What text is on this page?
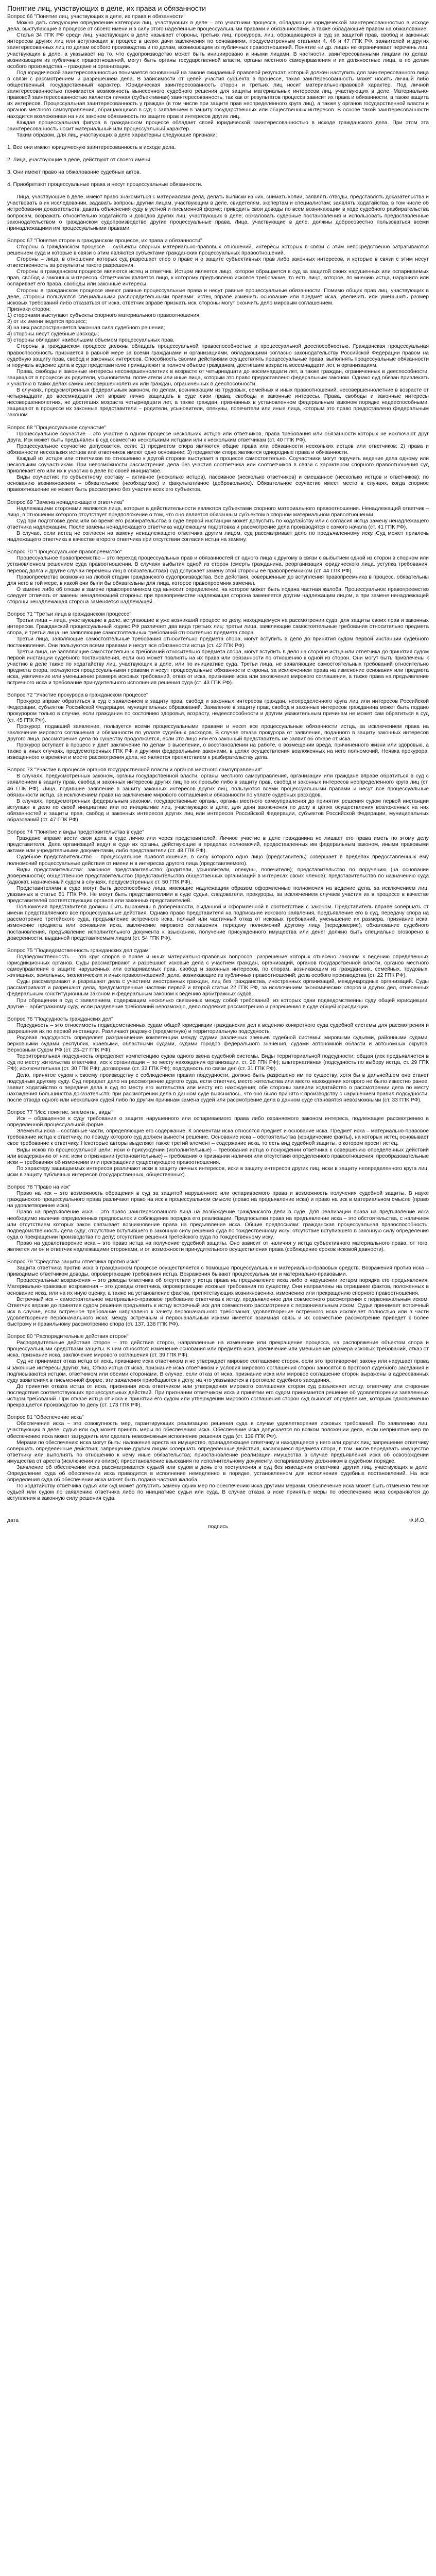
Понятие лиц, участвующих в деле, их права и обязанности
Вопрос 66 "Понятие лиц, участвующих в деле, их права и обязанности"

Можно дать следующее определение категории лиц, участвующих в деле – это участники процесса, обладающие юридической заинтересованностью в исходе дела, выступающие в процессе от своего имени и в силу этого наделенные процессуальными правами и обязанностями, а также обладающие правом на обжалование.

Статья 34 ГПК РФ среди лиц, участвующих в деле называет стороны, третьих лиц, прокурора, лиц, обращающихся в суд за защитой прав, свобод и законных интересов других лиц или вступающих в процесс в целях дачи заключения по основаниям, предусмотренным статьями 4, 46 и 47 ГПК РФ, заявителей и других заинтересованных лиц по делам особого производства и по делам, возникающим из публичных правоотношений. Понятие «и др. лица» не ограничивает перечень лиц, участвующих в деле, а указывает на то, что судопроизводство может быть инициировано и иными лицами. В частности, заинтересованными лицами по делам, возникающим из публичных правоотношений, могут быть органы государственной власти, органы местного самоуправления и их должностные лица, а по делам особого производства – граждане и организации.

Под юридической заинтересованностью понимается основанный на законе ожидаемый правовой результат, который должен наступить для заинтересованного лица в связи с рассмотрением и разрешением дела. В зависимости от целей участия субъекта в процессе, такая заинтересованность может носить личный либо общественный, государственный характер. Юридическая заинтересованность сторон и третьих лиц носит материально-правовой характер. Под личной заинтересованностью понимается возможность вынесенного судебного решения для защиты материальных интересов лиц, участвующих в деле. Материально-правовой заинтересованностью является личная (субъективная) заинтересованность, так как от результатов процесса зависит их права и обязанности, а также защита их интересов. Процессуальная заинтересованность у граждан (в том числе при защите прав неопределенного круга лиц), а также у органов государственной власти и органов местного самоуправления, обращающихся в суд с заявлением в защиту государственных или общественных интересов. В основе такой заинтересованности находится возложенная на них законом обязанность по защите прав и интересов других лиц.

Каждая процессуальная фигура в гражданском процессе обладает своей юридической заинтересованностью в исходе гражданского дела. При этом эта заинтересованность носит материальный или процессуальный характер.

Таким образом, для лиц, участвующих в деле характерны следующие признаки:

1. Все они имеют юридическую заинтересованность в исходе дела.

2. Лица, участвующие в деле, действуют от своего имени.

3. Они имеют право на обжалование судебных актов.

4. Приобретают процессуальные права и несут процессуальные обязанности.

Лица, участвующие в деле, имеют право знакомиться с материалами дела, делать выписки из них, снимать копии, заявлять отводы, представлять доказательства и участвовать в их исследовании, задавать вопросы другим лицам, участвующим в деле, свидетелям, экспертам и специалистам; заявлять ходатайства, в том числе об истребовании доказательств; давать объяснения суду в устной и письменной форме; приводить свои доводы по всем возникающим в ходе судебного разбирательства вопросам, возражать относительно ходатайств и доводов других лиц, участвующих в деле; обжаловать судебные постановления и использовать предоставленные законодательством о гражданском судопроизводстве другие процессуальные права. Лица, участвующие в деле, должны добросовестно пользоваться всеми принадлежащими им процессуальными правами.

Вопрос 67 "Понятие сторон в гражданском процессе, их права и обязанности"

Стороны в гражданском процессе – субъекты спорных материально-правовых отношений, интересы которых в связи с этим непосредственно затрагиваются решением суда и которые в связи с этим являются субъектами гражданских процессуальных правоотношений.

Стороны – лица, в отношении которых суд разрешает спор о праве и о защите субъективных прав либо законных интересов, и которые в связи с этим несут ответственность за результаты такого разрешения.

Стороны в гражданском процессе являются истец и ответчик. Истцом является лицо, которое обращается в суд за защитой своих нарушенных или оспариваемых прав, свобод и законных интересов. Ответчиком является лицо, к которому предъявлено исковое требование, то есть лицо, которое, по мнению истца, нарушило или оспаривает его права, свободы или законные интересы.

Стороны в гражданском процессе имеют равные процессуальные права и несут равные процессуальные обязанности. Помимо общих прав лиц, участвующих в деле, стороны пользуются специальными распорядительными правами: истец вправе изменить основание или предмет иска, увеличить или уменьшить размер исковых требований либо отказаться от иска, ответчик вправе признать иск, стороны могут окончить дело мировым соглашением.

Признаки сторон:

1) сторонами выступают субъекты спорного материального правоотношения;

2) от их имени ведется процесс;

3) на них распространяется законная сила судебного решения;

4) стороны несут судебные расходы;

5) стороны обладают наибольшим объемом процессуальных прав.

Стороны в гражданском процессе должны обладать процессуальной правоспособностью и процессуальной дееспособностью. Гражданская процессуальная правоспособность признается в равной мере за всеми гражданами и организациями, обладающими согласно законодательству Российской Федерации правом на судебную защиту прав, свобод и законных интересов. Способность своими действиями осуществлять процессуальные права, выполнять процессуальные обязанности и поручать ведение дела в суде представителю принадлежит в полном объеме гражданам, достигшим возраста восемнадцати лет, и организациям.

Права, свободы и законные интересы несовершеннолетних в возрасте от четырнадцати до восемнадцати лет, а также граждан, ограниченных в дееспособности, защищают в процессе их родители, усыновители, попечители или иные лица, которым это право предоставлено федеральным законом. Однако суд обязан привлекать к участию в таких делах самих несовершеннолетних или граждан, ограниченных в дееспособности.

В случаях, предусмотренных федеральным законом, по делам, возникающим из трудовых, семейных и иных правоотношений, несовершеннолетние в возрасте от четырнадцати до восемнадцати лет вправе лично защищать в суде свои права, свободы и законные интересы. Права, свободы и законные интересы несовершеннолетних, не достигших возраста четырнадцати лет, а также граждан, признанных в установленном федеральным законом порядке недееспособными, защищают в процессе их законные представители – родители, усыновители, опекуны, попечители или иные лица, которым это право предоставлено федеральным законом.

Вопрос 68 "Процессуальное соучастие"

Процессуальное соучастие – это участие в одном процессе нескольких истцов или ответчиков, права требования или обязанности которых не исключают друг друга. Иск может быть предъявлен в суд совместно несколькими истцами или к нескольким ответчикам (ст. 40 ГПК РФ).

Процессуальное соучастие допускается, если: 1) предметом спора являются общие права или обязанности нескольких истцов или ответчиков; 2) права и обязанности нескольких истцов или ответчиков имеют одно основание; 3) предметом спора являются однородные права и обязанности.

Каждый из истцов или ответчиков по отношению к другой стороне выступает в процессе самостоятельно. Соучастники могут поручить ведение дела одному или нескольким соучастникам. При невозможности рассмотрения дела без участия соответчика или соответчиков в связи с характером спорного правоотношения суд привлекает его или их к участию в деле по своей инициативе.

Виды соучастия: по субъектному составу – активное (несколько истцов), пассивное (несколько ответчиков) и смешанное (несколько истцов и ответчиков); по основанию возникновения – обязательное (необходимое) и факультативное (добровольное). Обязательное соучастие имеет место в случаях, когда спорное правоотношение не может быть рассмотрено без участия всех его субъектов.

Вопрос 69 "Замена ненадлежащего ответчика"

Надлежащими сторонами являются лица, которые в действительности являются субъектами спорного материального правоотношения. Ненадлежащий ответчик – лицо, в отношении которого отсутствует предположение о том, что оно является обязанным субъектом в спорном материальном правоотношении.

Суд при подготовке дела или во время его разбирательства в суде первой инстанции может допустить по ходатайству или с согласия истца замену ненадлежащего ответчика надлежащим. После замены ненадлежащего ответчика надлежащим подготовка и рассмотрение дела производятся с самого начала (ст. 41 ГПК РФ).

В случае, если истец не согласен на замену ненадлежащего ответчика другим лицом, суд рассматривает дело по предъявленному иску. Суд может привлечь надлежащего ответчика в качестве второго ответчика при отсутствии согласия истца на замену.

Вопрос 70 "Процессуальное правопреемство"

Процессуальное правопреемство – это переход процессуальных прав и обязанностей от одного лица к другому в связи с выбытием одной из сторон в спорном или установленном решением суда правоотношении. В случаях выбытия одной из сторон (смерть гражданина, реорганизация юридического лица, уступка требования, перевод долга и другие случаи перемены лиц в обязательствах) суд допускает замену этой стороны ее правопреемником (ст. 44 ГПК РФ).

Правопреемство возможно на любой стадии гражданского судопроизводства. Все действия, совершенные до вступления правопреемника в процесс, обязательны для него в той мере, в какой они были бы обязательны для лица, которое правопреемник заменил.

О замене либо об отказе в замене правопреемником суд выносит определение, на которое может быть подана частная жалоба. Процессуальное правопреемство следует отличать от замены ненадлежащей стороны: при правопреемстве надлежащая сторона заменяется другим надлежащим лицом, а при замене ненадлежащей стороны ненадлежащая сторона заменяется надлежащей.

Вопрос 71 "Третьи лица в гражданском процессе"

Третьи лица – лица, участвующие в деле, вступающие в уже возникший процесс по делу, находящемуся на рассмотрении суда, для защиты своих прав и законных интересов. Гражданский процессуальный кодекс РФ различает два вида третьих лиц: третьи лица, заявляющие самостоятельные требования относительно предмета спора, и третьи лица, не заявляющие самостоятельных требований относительно предмета спора.

Третьи лица, заявляющие самостоятельные требования относительно предмета спора, могут вступить в дело до принятия судом первой инстанции судебного постановления. Они пользуются всеми правами и несут все обязанности истца (ст. 42 ГПК РФ).

Третьи лица, не заявляющие самостоятельных требований относительно предмета спора, могут вступить в дело на стороне истца или ответчика до принятия судом первой инстанции судебного постановления, если оно может повлиять на их права или обязанности по отношению к одной из сторон. Они могут быть привлечены к участию в деле также по ходатайству лиц, участвующих в деле, или по инициативе суда. Третьи лица, не заявляющие самостоятельных требований относительно предмета спора, пользуются процессуальными правами и несут процессуальные обязанности стороны, за исключением права на изменение основания или предмета иска, увеличение или уменьшение размера исковых требований, отказ от иска, признание иска или заключение мирового соглашения, а также права на предъявление встречного иска и требование принудительного исполнения решения суда (ст. 43 ГПК РФ).

Вопрос 72 "Участие прокурора в гражданском процессе"

Прокурор вправе обратиться в суд с заявлением в защиту прав, свобод и законных интересов граждан, неопределенного круга лиц или интересов Российской Федерации, субъектов Российской Федерации, муниципальных образований. Заявление в защиту прав, свобод и законных интересов гражданина может быть подано прокурором только в случае, если гражданин по состоянию здоровья, возрасту, недееспособности и другим уважительным причинам не может сам обратиться в суд (ст. 45 ГПК РФ).

Прокурор, подавший заявление, пользуется всеми процессуальными правами и несет все процессуальные обязанности истца, за исключением права на заключение мирового соглашения и обязанности по уплате судебных расходов. В случае отказа прокурора от заявления, поданного в защиту законных интересов другого лица, рассмотрение дела по существу продолжается, если это лицо или его законный представитель не заявит об отказе от иска.

Прокурор вступает в процесс и дает заключение по делам о выселении, о восстановлении на работе, о возмещении вреда, причиненного жизни или здоровью, а также в иных случаях, предусмотренных ГПК РФ и другими федеральными законами, в целях осуществления возложенных на него полномочий. Неявка прокурора, извещенного о времени и месте рассмотрения дела, не является препятствием к разбирательству дела.

Вопрос 73 "Участие в процессе органов государственной власти и органов местного самоуправления"

В случаях, предусмотренных законом, органы государственной власти, органы местного самоуправления, организации или граждане вправе обратиться в суд с заявлением в защиту прав, свобод и законных интересов других лиц по их просьбе либо в защиту прав, свобод и законных интересов неопределенного круга лиц (ст. 46 ГПК РФ). Лица, подавшие заявление в защиту законных интересов других лиц, пользуются всеми процессуальными правами и несут все процессуальные обязанности истца, за исключением права на заключение мирового соглашения и обязанности по уплате судебных расходов.

В случаях, предусмотренных федеральным законом, государственные органы, органы местного самоуправления до принятия решения судом первой инстанции вступают в дело по своей инициативе или по инициативе лиц, участвующих в деле, для дачи заключения по делу в целях осуществления возложенных на них обязанностей и защиты прав, свобод и законных интересов других лиц или интересов Российской Федерации, субъектов Российской Федерации, муниципальных образований (ст. 47 ГПК РФ).

Вопрос 74 "Понятие и виды представительства в суде"

Граждане вправе вести свои дела в суде лично или через представителей. Личное участие в деле гражданина не лишает его права иметь по этому делу представителя. Дела организаций ведут в суде их органы, действующие в пределах полномочий, предоставленных им федеральным законом, иными правовыми актами или учредительными документами, либо представители (ст. 48 ГПК РФ).

Судебное представительство – процессуальное правоотношение, в силу которого одно лицо (представитель) совершает в пределах предоставленных ему полномочий процессуальные действия от имени и в интересах другого лица (представляемого).

Виды представительства: законное представительство (родители, усыновители, опекуны, попечители); представительство по поручению (на основании доверенности); общественное представительство (представительство общественных организаций в интересах своих членов); представительство по назначению суда (адвокат, назначенный судом в случаях, предусмотренных ст. 50 ГПК РФ).

Представителями в суде могут быть дееспособные лица, имеющие надлежащим образом оформленные полномочия на ведение дела, за исключением лиц, указанных в статье 51 ГПК РФ. Не могут быть представителями в суде судьи, следователи, прокуроры, за исключением случаев участия их в процессе в качестве представителей соответствующих органов или законных представителей.

Полномочия представителя должны быть выражены в доверенности, выданной и оформленной в соответствии с законом. Представитель вправе совершать от имени представляемого все процессуальные действия. Однако право представителя на подписание искового заявления, предъявление его в суд, передачу спора на рассмотрение третейского суда, предъявление встречного иска, полный или частичный отказ от исковых требований, уменьшение их размера, признание иска, изменение предмета или основания иска, заключение мирового соглашения, передачу полномочий другому лицу (передоверие), обжалование судебного постановления, предъявление исполнительного документа к взысканию, получение присужденного имущества или денег должно быть специально оговорено в доверенности, выданной представляемым лицом (ст. 54 ГПК РФ).

Вопрос 75 "Подведомственность гражданских дел судам"

Подведомственность – это круг споров о праве и иных материально-правовых вопросов, разрешение которых отнесено законом к ведению определенных юрисдикционных органов. Суды рассматривают и разрешают исковые дела с участием граждан, организаций, органов государственной власти, органов местного самоуправления о защите нарушенных или оспариваемых прав, свобод и законных интересов, по спорам, возникающим из гражданских, семейных, трудовых, жилищных, земельных, экологических и иных правоотношений; дела, возникающие из публичных правоотношений; дела особого производства (ст. 22 ГПК РФ).

Суды рассматривают и разрешают дела с участием иностранных граждан, лиц без гражданства, иностранных организаций, международных организаций. Суды рассматривают и разрешают дела, предусмотренные частями первой и второй статьи 22 ГПК РФ, за исключением экономических споров и других дел, отнесенных федеральным конституционным законом и федеральным законом к ведению арбитражных судов.

При обращении в суд с заявлением, содержащим несколько связанных между собой требований, из которых одни подведомственны суду общей юрисдикции, другие – арбитражному суду, если разделение требований невозможно, дело подлежит рассмотрению и разрешению в суде общей юрисдикции.

Вопрос 76 "Подсудность гражданских дел"

Подсудность – это относимость подведомственных судам общей юрисдикции гражданских дел к ведению конкретного суда судебной системы для рассмотрения и разрешения их по первой инстанции. Различают родовую (предметную) и территориальную подсудность.

Родовая подсудность определяет разграничение компетенции между судами различных звеньев судебной системы: мировыми судьями, районными судами, верховными судами республик, краевыми, областными судами, судами городов федерального значения, судами автономной области и автономных округов, Верховным Судом РФ (ст. 23–27 ГПК РФ).

Территориальная подсудность определяет компетенцию судов одного звена судебной системы. Виды территориальной подсудности: общая (иск предъявляется в суд по месту жительства ответчика, иск к организации – по месту нахождения организации, ст. 28 ГПК РФ); альтернативная (подсудность по выбору истца, ст. 29 ГПК РФ); исключительная (ст. 30 ГПК РФ); договорная (ст. 32 ГПК РФ); подсудность по связи дел (ст. 31 ГПК РФ).

Дело, принятое судом к своему производству с соблюдением правил подсудности, должно быть разрешено им по существу, хотя бы в дальнейшем оно станет подсудным другому суду. Суд передает дело на рассмотрение другого суда, если ответчик, место жительства или место нахождения которого не было известно ранее, заявит ходатайство о передаче дела в суд по месту его жительства или месту его нахождения; обе стороны заявили ходатайство о рассмотрении дела по месту нахождения большинства доказательств; при рассмотрении дела в данном суде выяснилось, что оно было принято к производству с нарушением правил подсудности; после отвода одного или нескольких судей либо по другим причинам замена судей или рассмотрение дела в данном суде становятся невозможными (ст. 33 ГПК РФ).

Вопрос 77 "Иск: понятие, элементы, виды"

Иск – обращенное к суду требование о защите нарушенного или оспариваемого права либо охраняемого законом интереса, подлежащее рассмотрению в определенной процессуальной форме.

Элементы иска – составные части, определяющие его содержание. К элементам иска относятся предмет и основание иска. Предмет иска – материально-правовое требование истца к ответчику, по поводу которого суд должен вынести решение. Основание иска – обстоятельства (юридические факты), на которых истец основывает свое требование к ответчику. Некоторые авторы выделяют также третий элемент – содержание иска, то есть вид судебной защиты, о котором просит истец.

Виды исков по процессуальной цели: иски о присуждении (исполнительные) – требования истца о понуждении ответчика к совершению определенных действий или воздержанию от них; иски о признании (установительные) – требования о признании наличия или отсутствия определенного правоотношения; преобразовательные иски – требования об изменении или прекращении существующего правоотношения.

По характеру защищаемых интересов различают иски в защиту личных интересов, иски в защиту интересов других лиц, иски в защиту неопределенного круга лиц, иски в защиту публичных интересов (государственных, общественных).

Вопрос 78 "Право на иск"

Право на иск – это возможность обращения в суд за защитой нарушенного или оспариваемого права и возможность получения судебной защиты. В науке гражданского процессуального права различают право на иск в процессуальном смысле (право на предъявление иска) и право на иск в материальном смысле (право на удовлетворение иска).

Право на предъявление иска – это право заинтересованного лица на возбуждение гражданского дела в суде. Для реализации права на предъявление иска необходимо наличие определенных предпосылок и соблюдение порядка его реализации. Предпосылки права на предъявление иска – это обстоятельства, с наличием или отсутствием которых закон связывает возникновение права на предъявление иска. Общие предпосылки: гражданская процессуальная правоспособность; подведомственность дела суду; отсутствие вступившего в законную силу решения суда по тождественному иску; отсутствие вступившего в законную силу определения суда о прекращении производства по делу; отсутствие решения третейского суда по тождественному иску.

Право на удовлетворение иска – это право истца на получение судебной защиты. Оно зависит от наличия у истца субъективного материального права, от того, является ли он и ответчик надлежащими сторонами, и от возможности принудительного осуществления права (соблюдение сроков исковой давности).

Вопрос 79 "Средства защиты ответчика против иска"

Защита ответчика против иска в гражданском процессе осуществляется с помощью процессуальных и материально-правовых средств. Возражения против иска – приводимые ответчиком доводы, опровергающие требования истца. Возражения бывают процессуальными и материально-правовыми.

Процессуальные возражения – это доводы ответчика об отсутствии у истца права на предъявление иска либо о нарушении истцом порядка его предъявления. Материально-правовые возражения – это доводы ответчика, опровергающие исковые требования по существу. Они направлены на отрицание фактов, положенных в основание иска, или на их иную оценку, а также на установление фактов, препятствующих возникновению, изменению или прекращению спорного правоотношения.

Встречный иск – самостоятельное материально-правовое требование ответчика к истцу, предъявленное для совместного рассмотрения с первоначальным иском. Ответчик вправе до принятия судом решения предъявить к истцу встречный иск для совместного рассмотрения с первоначальным иском. Судья принимает встречный иск в случае, если встречное требование направлено к зачету первоначального требования; удовлетворение встречного иска исключает полностью или в части удовлетворение первоначального иска; между встречным и первоначальным исками имеется взаимная связь и их совместное рассмотрение приведет к более быстрому и правильному рассмотрению спора (ст. 137, 138 ГПК РФ).

Вопрос 80 "Распорядительные действия сторон"

Распорядительные действия сторон – это действия сторон, направленные на изменение или прекращение процесса, на распоряжение объектом спора и процессуальными средствами защиты. К ним относятся: изменение основания или предмета иска, увеличение или уменьшение размера исковых требований, отказ от иска, признание иска, заключение мирового соглашения (ст. 39 ГПК РФ).

Суд не принимает отказ истца от иска, признание иска ответчиком и не утверждает мировое соглашение сторон, если это противоречит закону или нарушает права и законные интересы других лиц. Отказ истца от иска, признание иска ответчиком и условия мирового соглашения сторон заносятся в протокол судебного заседания и подписываются истцом, ответчиком или обеими сторонами. В случае, если отказ от иска, признание иска или мировое соглашение сторон выражены в адресованных суду заявлениях в письменной форме, эти заявления приобщаются к делу, на что указывается в протоколе судебного заседания.

До принятия отказа истца от иска, признания иска ответчиком или утверждения мирового соглашения сторон суд разъясняет истцу, ответчику или сторонам последствия соответствующих процессуальных действий. При признании ответчиком иска и принятии его судом принимается решение об удовлетворении заявленных истцом требований. При отказе истца от иска и принятии его судом или утверждении мирового соглашения сторон суд выносит определение, которым одновременно прекращается производство по делу (ст. 173 ГПК РФ).

Вопрос 81 "Обеспечение иска"

Обеспечение иска – это совокупность мер, гарантирующих реализацию решения суда в случае удовлетворения исковых требований. По заявлению лиц, участвующих в деле, судья или суд может принять меры по обеспечению иска. Обеспечение иска допускается во всяком положении дела, если непринятие мер по обеспечению иска может затруднить или сделать невозможным исполнение решения суда (ст. 139 ГПК РФ).

Мерами по обеспечению иска могут быть: наложение ареста на имущество, принадлежащее ответчику и находящееся у него или других лиц; запрещение ответчику совершать определенные действия; запрещение другим лицам совершать определенные действия, касающиеся предмета спора, в том числе передавать имущество ответчику или выполнять по отношению к нему иные обязательства; приостановление реализации имущества в случае предъявления иска об освобождении имущества от ареста (исключении из описи); приостановление взыскания по исполнительному документу, оспариваемому должником в судебном порядке.

Заявление об обеспечении иска рассматривается судьей или судом в день его поступления в суд без извещения ответчика, других лиц, участвующих в деле. Определение суда об обеспечении иска приводится в исполнение немедленно в порядке, установленном для исполнения судебных постановлений. На все определения суда об обеспечении иска может быть подана частная жалоба.

По ходатайству ответчика судья или суд может допустить замену одних мер по обеспечению иска другими мерами. Обеспечение иска может быть отменено тем же судьей или судом по заявлению ответчика либо по инициативе судьи или суда. В случае отказа в иске принятые меры по обеспечению иска сохраняются до вступления в законную силу решения суда.

дата	Ф.И.О.
подпись
